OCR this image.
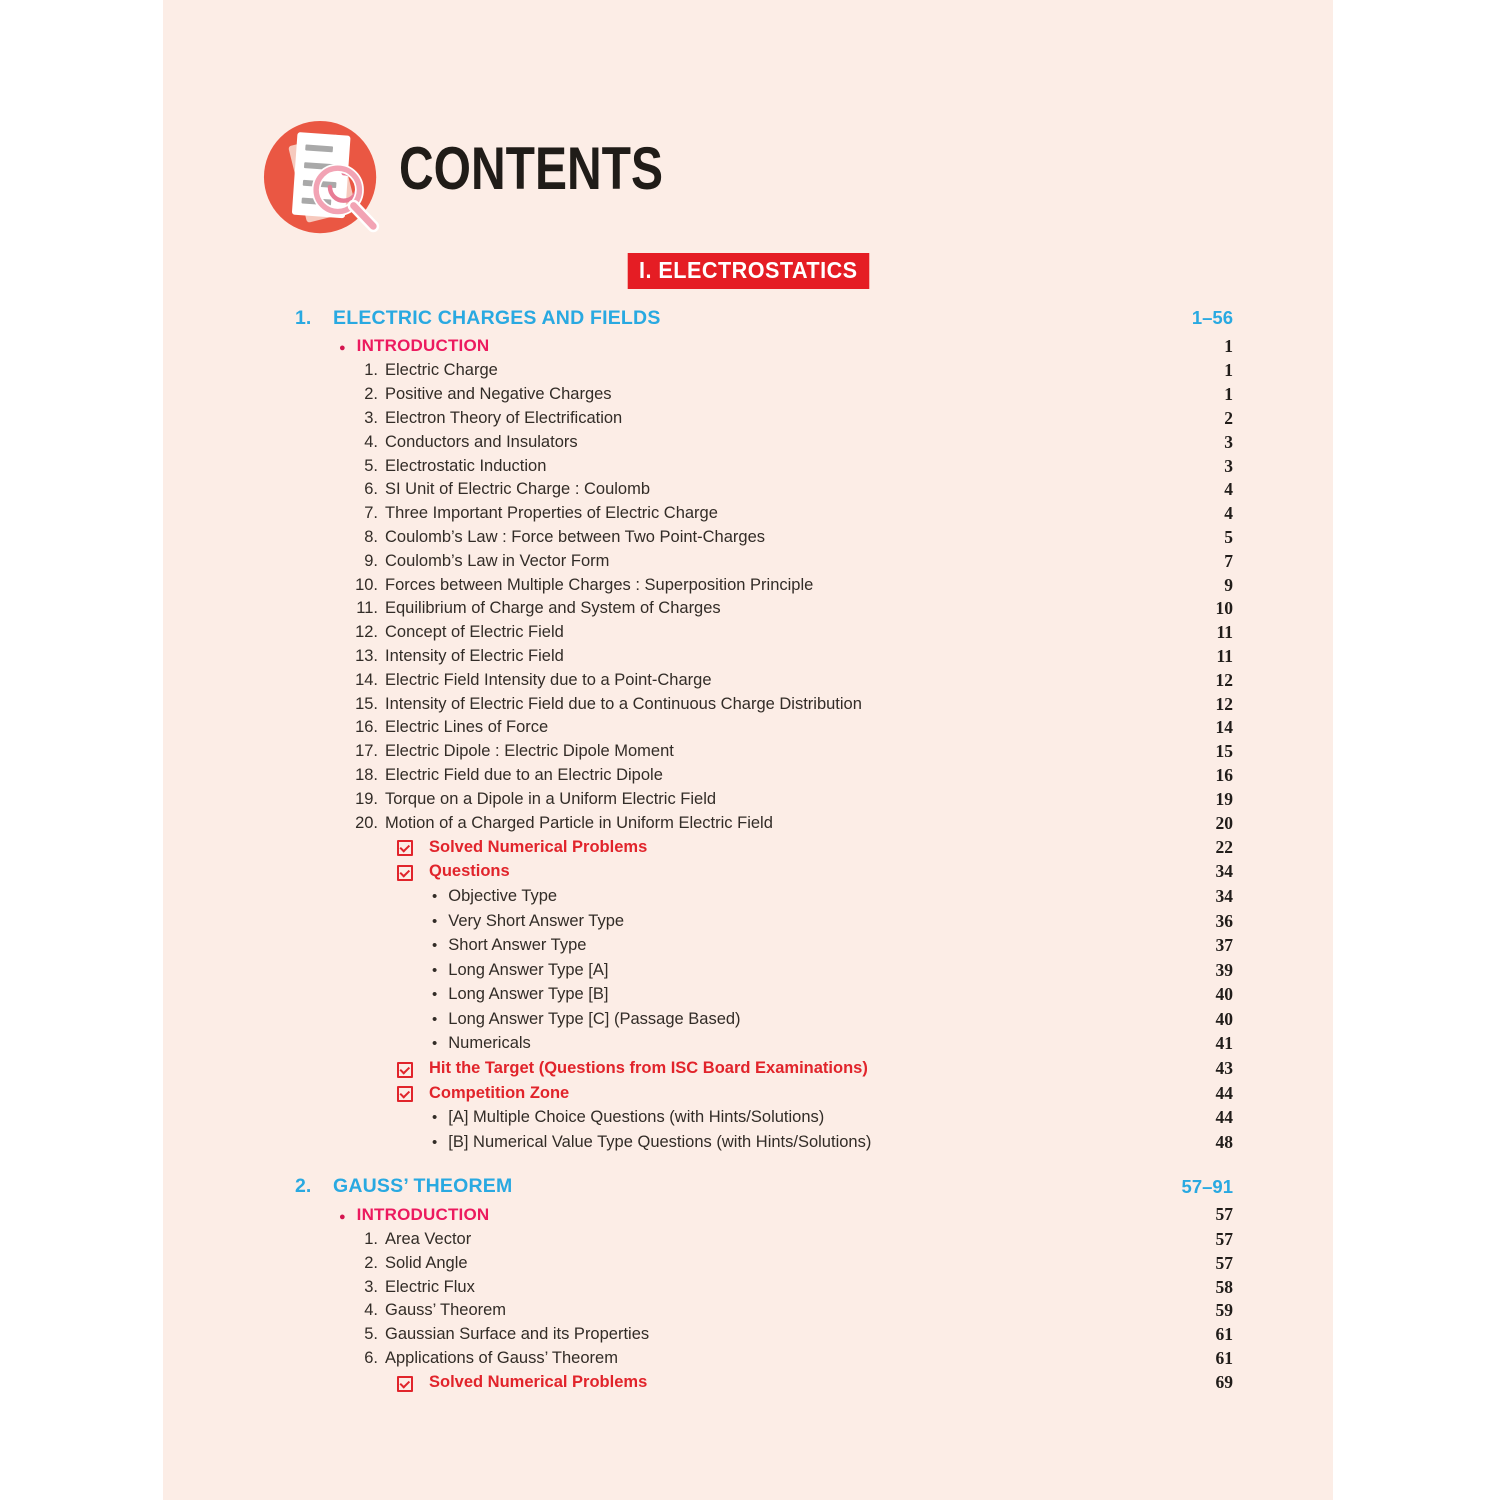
CONTENTS
I. ELECTROSTATICS
1.	ELECTRIC CHARGES AND FIELDS	1–56
● INTRODUCTION	1
1. Electric Charge	1
2. Positive and Negative Charges	1
3. Electron Theory of Electrification	2
4. Conductors and Insulators	3
5. Electrostatic Induction	3
6. SI Unit of Electric Charge : Coulomb	4
7. Three Important Properties of Electric Charge	4
8. Coulomb’s Law : Force between Two Point-Charges	5
9. Coulomb’s Law in Vector Form	7
10. Forces between Multiple Charges : Superposition Principle	9
11. Equilibrium of Charge and System of Charges	10
12. Concept of Electric Field	11
13. Intensity of Electric Field	11
14. Electric Field Intensity due to a Point-Charge	12
15. Intensity of Electric Field due to a Continuous Charge Distribution	12
16. Electric Lines of Force	14
17. Electric Dipole : Electric Dipole Moment	15
18. Electric Field due to an Electric Dipole	16
19. Torque on a Dipole in a Uniform Electric Field	19
20. Motion of a Charged Particle in Uniform Electric Field	20
Solved Numerical Problems	22
Questions	34
• Objective Type	34
• Very Short Answer Type	36
• Short Answer Type	37
• Long Answer Type [A]	39
• Long Answer Type [B]	40
• Long Answer Type [C] (Passage Based)	40
• Numericals	41
Hit the Target (Questions from ISC Board Examinations)	43
Competition Zone	44
• [A] Multiple Choice Questions (with Hints/Solutions)	44
• [B] Numerical Value Type Questions (with Hints/Solutions)	48
2.	GAUSS’ THEOREM	57–91
● INTRODUCTION	57
1. Area Vector	57
2. Solid Angle	57
3. Electric Flux	58
4. Gauss’ Theorem	59
5. Gaussian Surface and its Properties	61
6. Applications of Gauss’ Theorem	61
Solved Numerical Problems	69
